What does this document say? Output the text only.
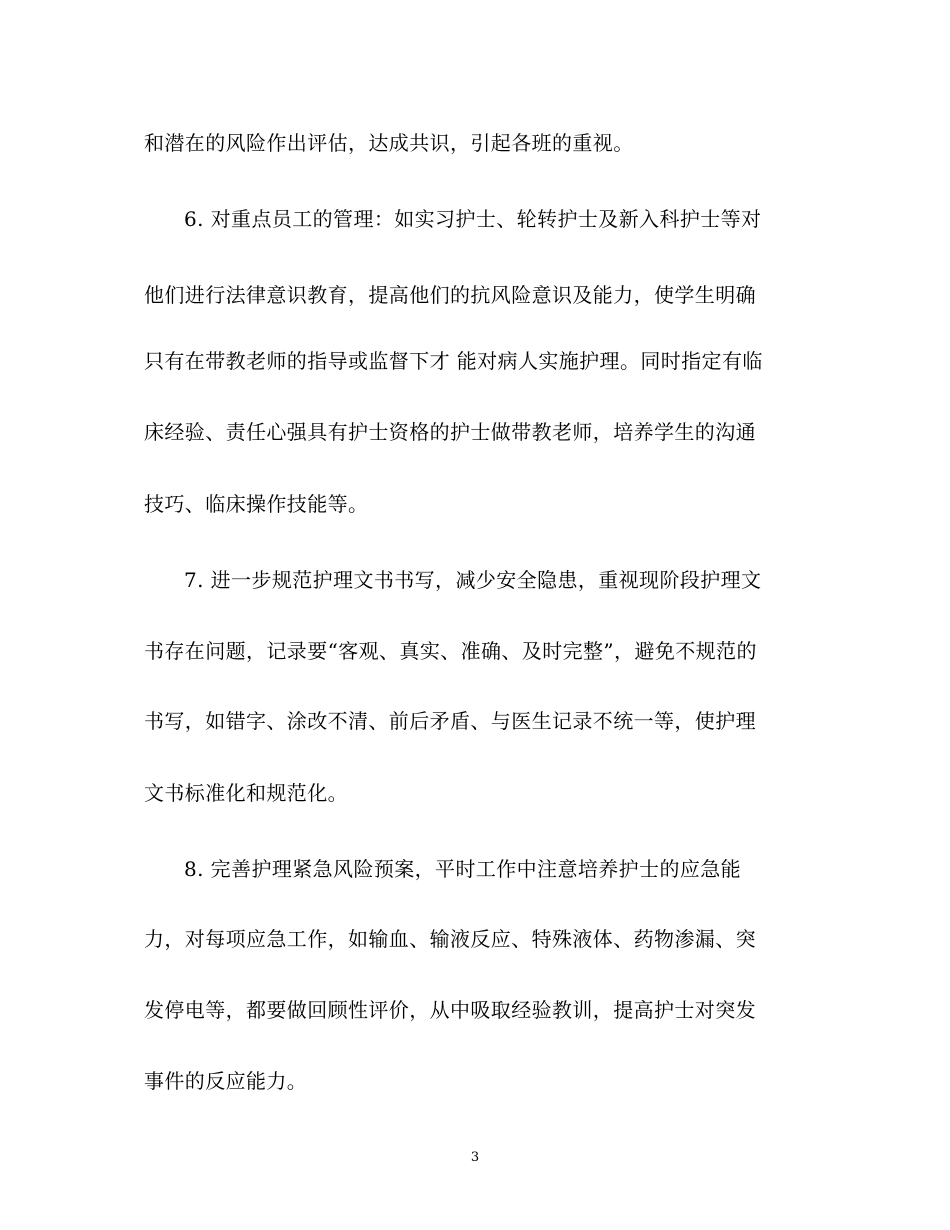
和潜在的风险作出评估，达成共识，引起各班的重视。
6. 对重点员工的管理：如实习护士、轮转护士及新入科护士等对
他们进行法律意识教育，提高他们的抗风险意识及能力，使学生明确
只有在带教老师的指导或监督下才 能对病人实施护理。同时指定有临
床经验、责任心强具有护士资格的护士做带教老师，培养学生的沟通
技巧、临床操作技能等。
7. 进一步规范护理文书书写，减少安全隐患，重视现阶段护理文
书存在问题，记录要“客观、真实、准确、及时完整”，避免不规范的
书写，如错字、涂改不清、前后矛盾、与医生记录不统一等，使护理
文书标准化和规范化。
8. 完善护理紧急风险预案，平时工作中注意培养护士的应急能
力，对每项应急工作，如输血、输液反应、特殊液体、药物渗漏、突
发停电等，都要做回顾性评价，从中吸取经验教训，提高护士对突发
事件的反应能力。
3
